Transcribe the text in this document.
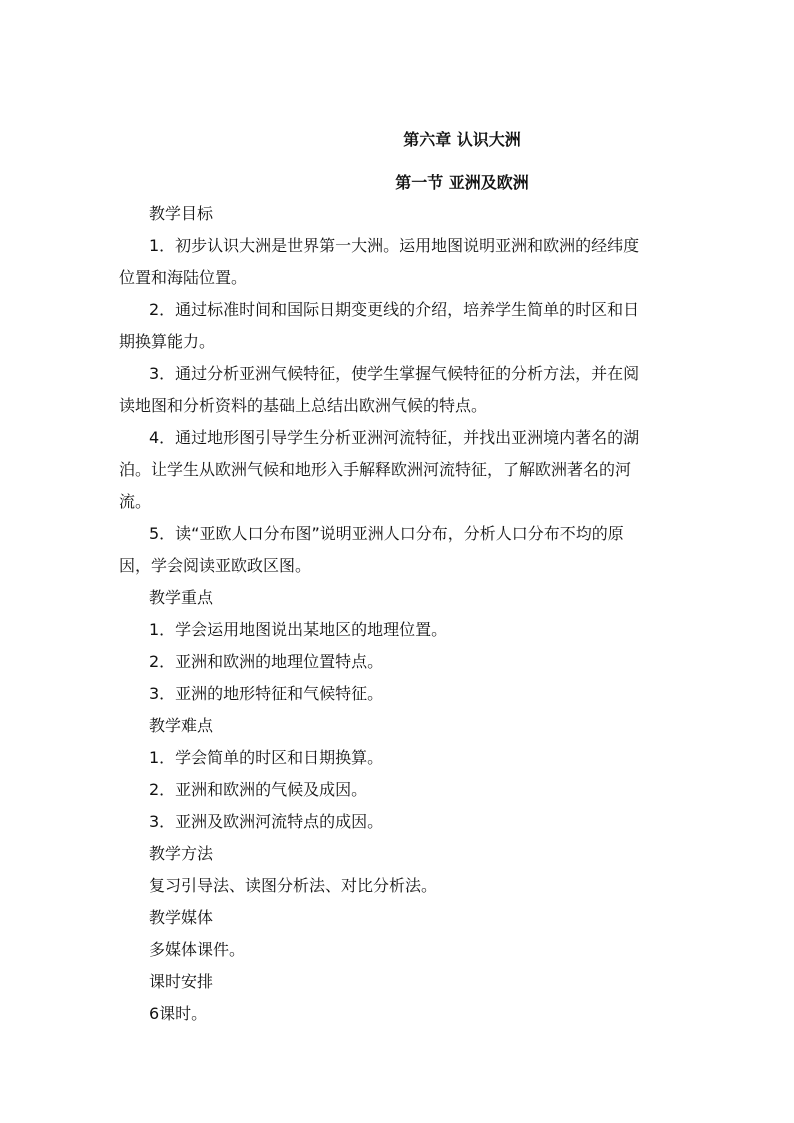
第六章 认识大洲
第一节 亚洲及欧洲
教学目标
1．初步认识大洲是世界第一大洲。运用地图说明亚洲和欧洲的经纬度
位置和海陆位置。
2．通过标准时间和国际日期变更线的介绍，培养学生简单的时区和日
期换算能力。
3．通过分析亚洲气候特征，使学生掌握气候特征的分析方法，并在阅
读地图和分析资料的基础上总结出欧洲气候的特点。
4．通过地形图引导学生分析亚洲河流特征，并找出亚洲境内著名的湖
泊。让学生从欧洲气候和地形入手解释欧洲河流特征，了解欧洲著名的河
流。
5．读“亚欧人口分布图”说明亚洲人口分布，分析人口分布不均的原
因，学会阅读亚欧政区图。
教学重点
1．学会运用地图说出某地区的地理位置。
2．亚洲和欧洲的地理位置特点。
3．亚洲的地形特征和气候特征。
教学难点
1．学会简单的时区和日期换算。
2．亚洲和欧洲的气候及成因。
3．亚洲及欧洲河流特点的成因。
教学方法
复习引导法、读图分析法、对比分析法。
教学媒体
多媒体课件。
课时安排
6课时。
